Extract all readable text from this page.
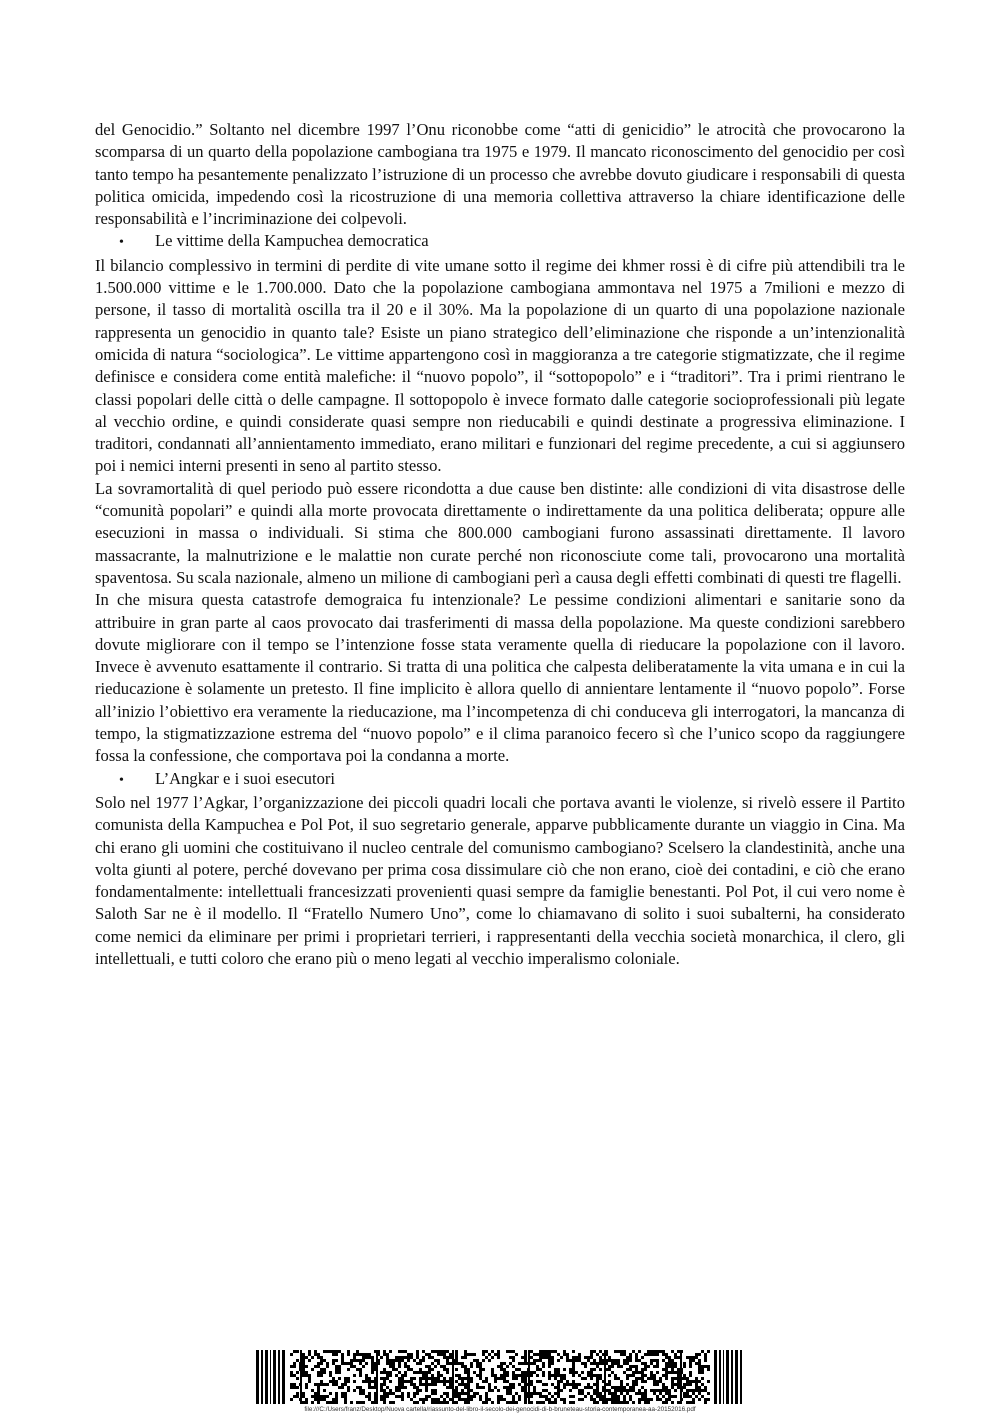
del Genocidio.” Soltanto nel dicembre 1997 l’Onu riconobbe come “atti di genicidio” le atrocità che provocarono la scomparsa di un quarto della popolazione cambogiana tra 1975 e 1979. Il mancato riconoscimento del genocidio per così tanto tempo ha pesantemente penalizzato l’istruzione di un processo che avrebbe dovuto giudicare i responsabili di questa politica omicida, impedendo così la ricostruzione di una memoria collettiva attraverso la chiare identificazione delle responsabilità e l’incriminazione dei colpevoli.

•	Le vittime della Kampuchea democratica

Il bilancio complessivo in termini di perdite di vite umane sotto il regime dei khmer rossi è di cifre più attendibili tra le 1.500.000 vittime e le 1.700.000. Dato che la popolazione cambogiana ammontava nel 1975 a 7milioni e mezzo di persone, il tasso di mortalità oscilla tra il 20 e il 30%. Ma la popolazione di un quarto di una popolazione nazionale rappresenta un genocidio in quanto tale? Esiste un piano strategico dell’eliminazione che risponde a un’intenzionalità omicida di natura “sociologica”. Le vittime appartengono così in maggioranza a tre categorie stigmatizzate, che il regime definisce e considera come entità malefiche: il “nuovo popolo”, il “sottopopolo” e i “traditori”. Tra i primi rientrano le classi popolari delle città o delle campagne. Il sottopopolo è invece formato dalle categorie socioprofessionali più legate al vecchio ordine, e quindi considerate quasi sempre non rieducabili e quindi destinate a progressiva eliminazione. I traditori, condannati all’annientamento immediato, erano militari e funzionari del regime precedente, a cui si aggiunsero poi i nemici interni presenti in seno al partito stesso.

La sovramortalità di quel periodo può essere ricondotta a due cause ben distinte: alle condizioni di vita disastrose delle “comunità popolari” e quindi alla morte provocata direttamente o indirettamente da una politica deliberata; oppure alle esecuzioni in massa o individuali. Si stima che 800.000 cambogiani furono assassinati direttamente. Il lavoro massacrante, la malnutrizione e le malattie non curate perché non riconosciute come tali, provocarono una mortalità spaventosa. Su scala nazionale, almeno un milione di cambogiani perì a causa degli effetti combinati di questi tre flagelli.

In che misura questa catastrofe demograica fu intenzionale? Le pessime condizioni alimentari e sanitarie sono da attribuire in gran parte al caos provocato dai trasferimenti di massa della popolazione. Ma queste condizioni sarebbero dovute migliorare con il tempo se l’intenzione fosse stata veramente quella di rieducare la popolazione con il lavoro. Invece è avvenuto esattamente il contrario. Si tratta di una politica che calpesta deliberatamente la vita umana e in cui la rieducazione è solamente un pretesto. Il fine implicito è allora quello di annientare lentamente il “nuovo popolo”. Forse all’inizio l’obiettivo era veramente la rieducazione, ma l’incompetenza di chi conduceva gli interrogatori, la mancanza di tempo, la stigmatizzazione estrema del “nuovo popolo” e il clima paranoico fecero sì che l’unico scopo da raggiungere fossa la confessione, che comportava poi la condanna a morte.

•	L’Angkar e i suoi esecutori

Solo nel 1977 l’Agkar, l’organizzazione dei piccoli quadri locali che portava avanti le violenze, si rivelò essere il Partito comunista della Kampuchea e Pol Pot, il suo segretario generale, apparve pubblicamente durante un viaggio in Cina. Ma chi erano gli uomini che costituivano il nucleo centrale del comunismo cambogiano? Scelsero la clandestinità, anche una volta giunti al potere, perché dovevano per prima cosa dissimulare ciò che non erano, cioè dei contadini, e ciò che erano fondamentalmente: intellettuali francesizzati provenienti quasi sempre da famiglie benestanti. Pol Pot, il cui vero nome è Saloth Sar ne è il modello. Il “Fratello Numero Uno”, come lo chiamavano di solito i suoi subalterni, ha considerato come nemici da eliminare per primi i proprietari terrieri, i rappresentanti della vecchia società monarchica, il clero, gli intellettuali, e tutti coloro che erano più o meno legati al vecchio imperalismo coloniale.

file:///C:/Users/franz/Desktop/Nuova cartella/riassunto-del-libro-il-secolo-dei-genocidi-di-b-bruneteau-storia-contemporanea-aa-20152016.pdf
